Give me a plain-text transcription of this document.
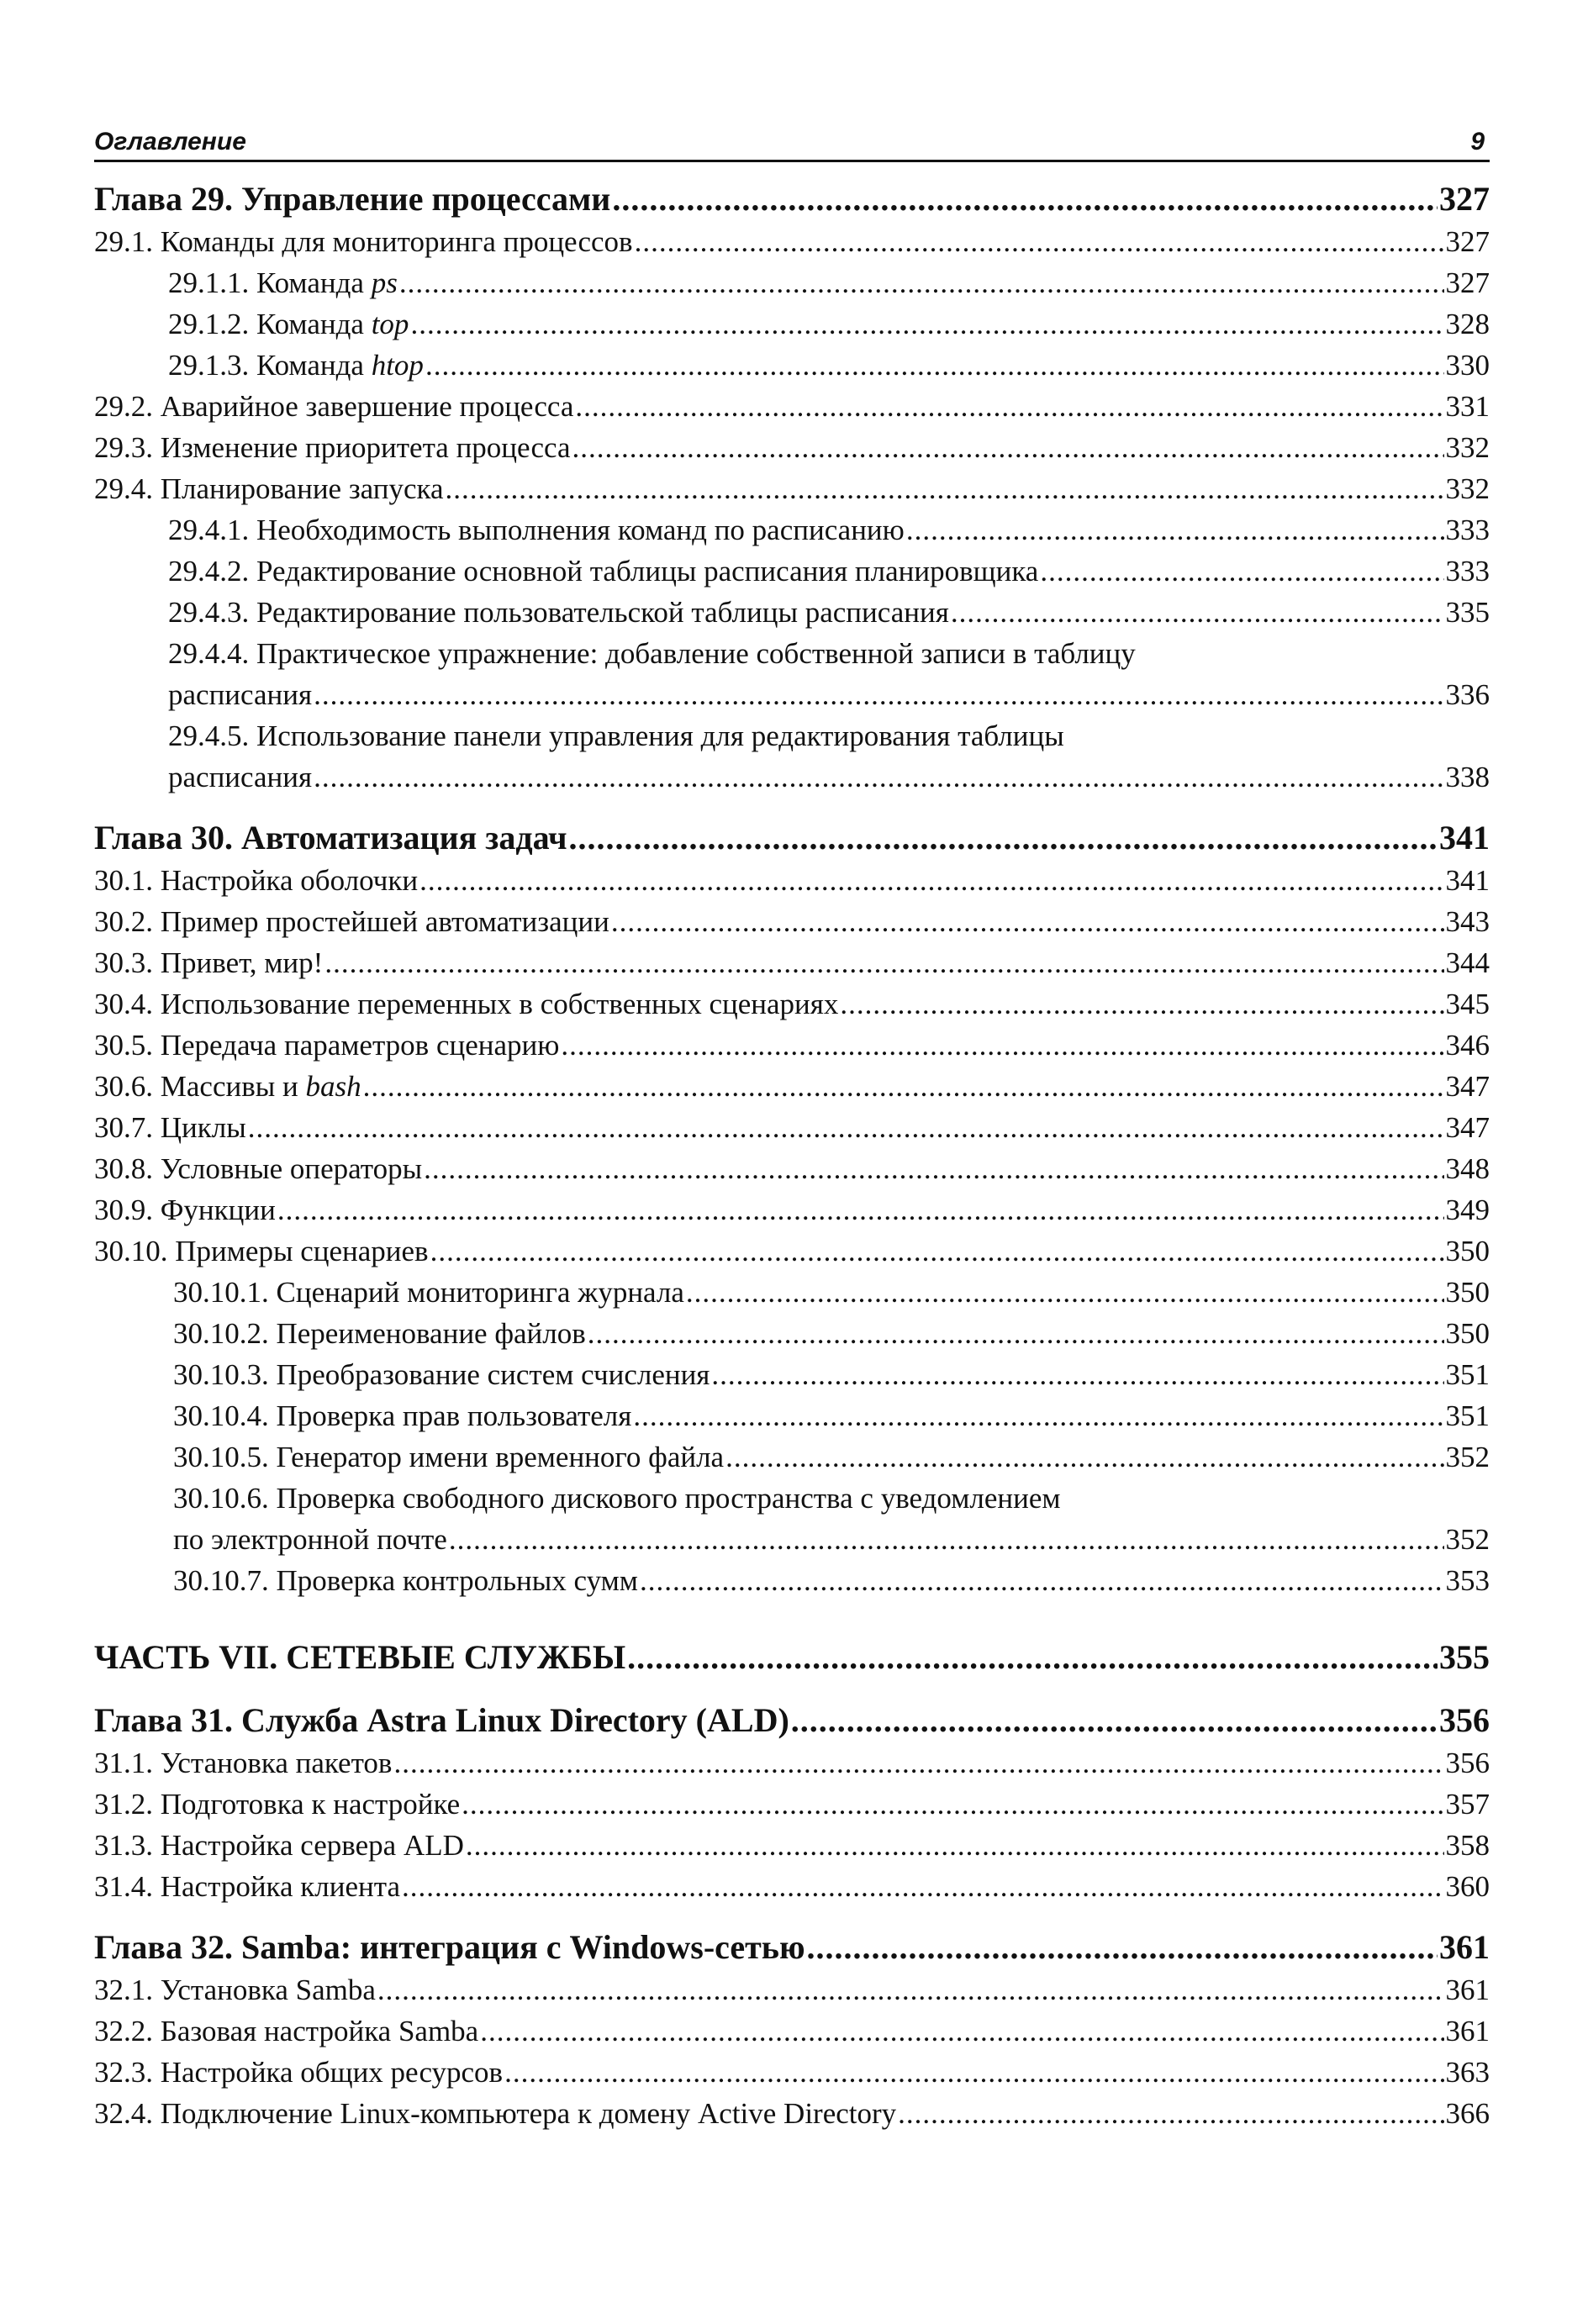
Оглавление	9
Глава 29. Управление процессами .....	327
29.1. Команды для мониторинга процессов .....	327
29.1.1. Команда ps .....	327
29.1.2. Команда top .....	328
29.1.3. Команда htop .....	330
29.2. Аварийное завершение процесса .....	331
29.3. Изменение приоритета процесса .....	332
29.4. Планирование запуска .....	332
29.4.1. Необходимость выполнения команд по расписанию .....	333
29.4.2. Редактирование основной таблицы расписания планировщика .....	333
29.4.3. Редактирование пользовательской таблицы расписания .....	335
29.4.4. Практическое упражнение: добавление собственной записи в таблицу
расписания .....	336
29.4.5. Использование панели управления для редактирования таблицы
расписания .....	338
Глава 30. Автоматизация задач .....	341
30.1. Настройка оболочки .....	341
30.2. Пример простейшей автоматизации .....	343
30.3. Привет, мир! .....	344
30.4. Использование переменных в собственных сценариях .....	345
30.5. Передача параметров сценарию .....	346
30.6. Массивы и bash .....	347
30.7. Циклы .....	347
30.8. Условные операторы .....	348
30.9. Функции .....	349
30.10. Примеры сценариев .....	350
30.10.1. Сценарий мониторинга журнала .....	350
30.10.2. Переименование файлов .....	350
30.10.3. Преобразование систем счисления .....	351
30.10.4. Проверка прав пользователя .....	351
30.10.5. Генератор имени временного файла .....	352
30.10.6. Проверка свободного дискового пространства с уведомлением
по электронной почте .....	352
30.10.7. Проверка контрольных сумм .....	353
ЧАСТЬ VII. СЕТЕВЫЕ СЛУЖБЫ .....	355
Глава 31. Служба Astra Linux Directory (ALD) .....	356
31.1. Установка пакетов .....	356
31.2. Подготовка к настройке .....	357
31.3. Настройка сервера ALD .....	358
31.4. Настройка клиента .....	360
Глава 32. Samba: интеграция с Windows-сетью .....	361
32.1. Установка Samba .....	361
32.2. Базовая настройка Samba .....	361
32.3. Настройка общих ресурсов .....	363
32.4. Подключение Linux-компьютера к домену Active Directory .....	366
